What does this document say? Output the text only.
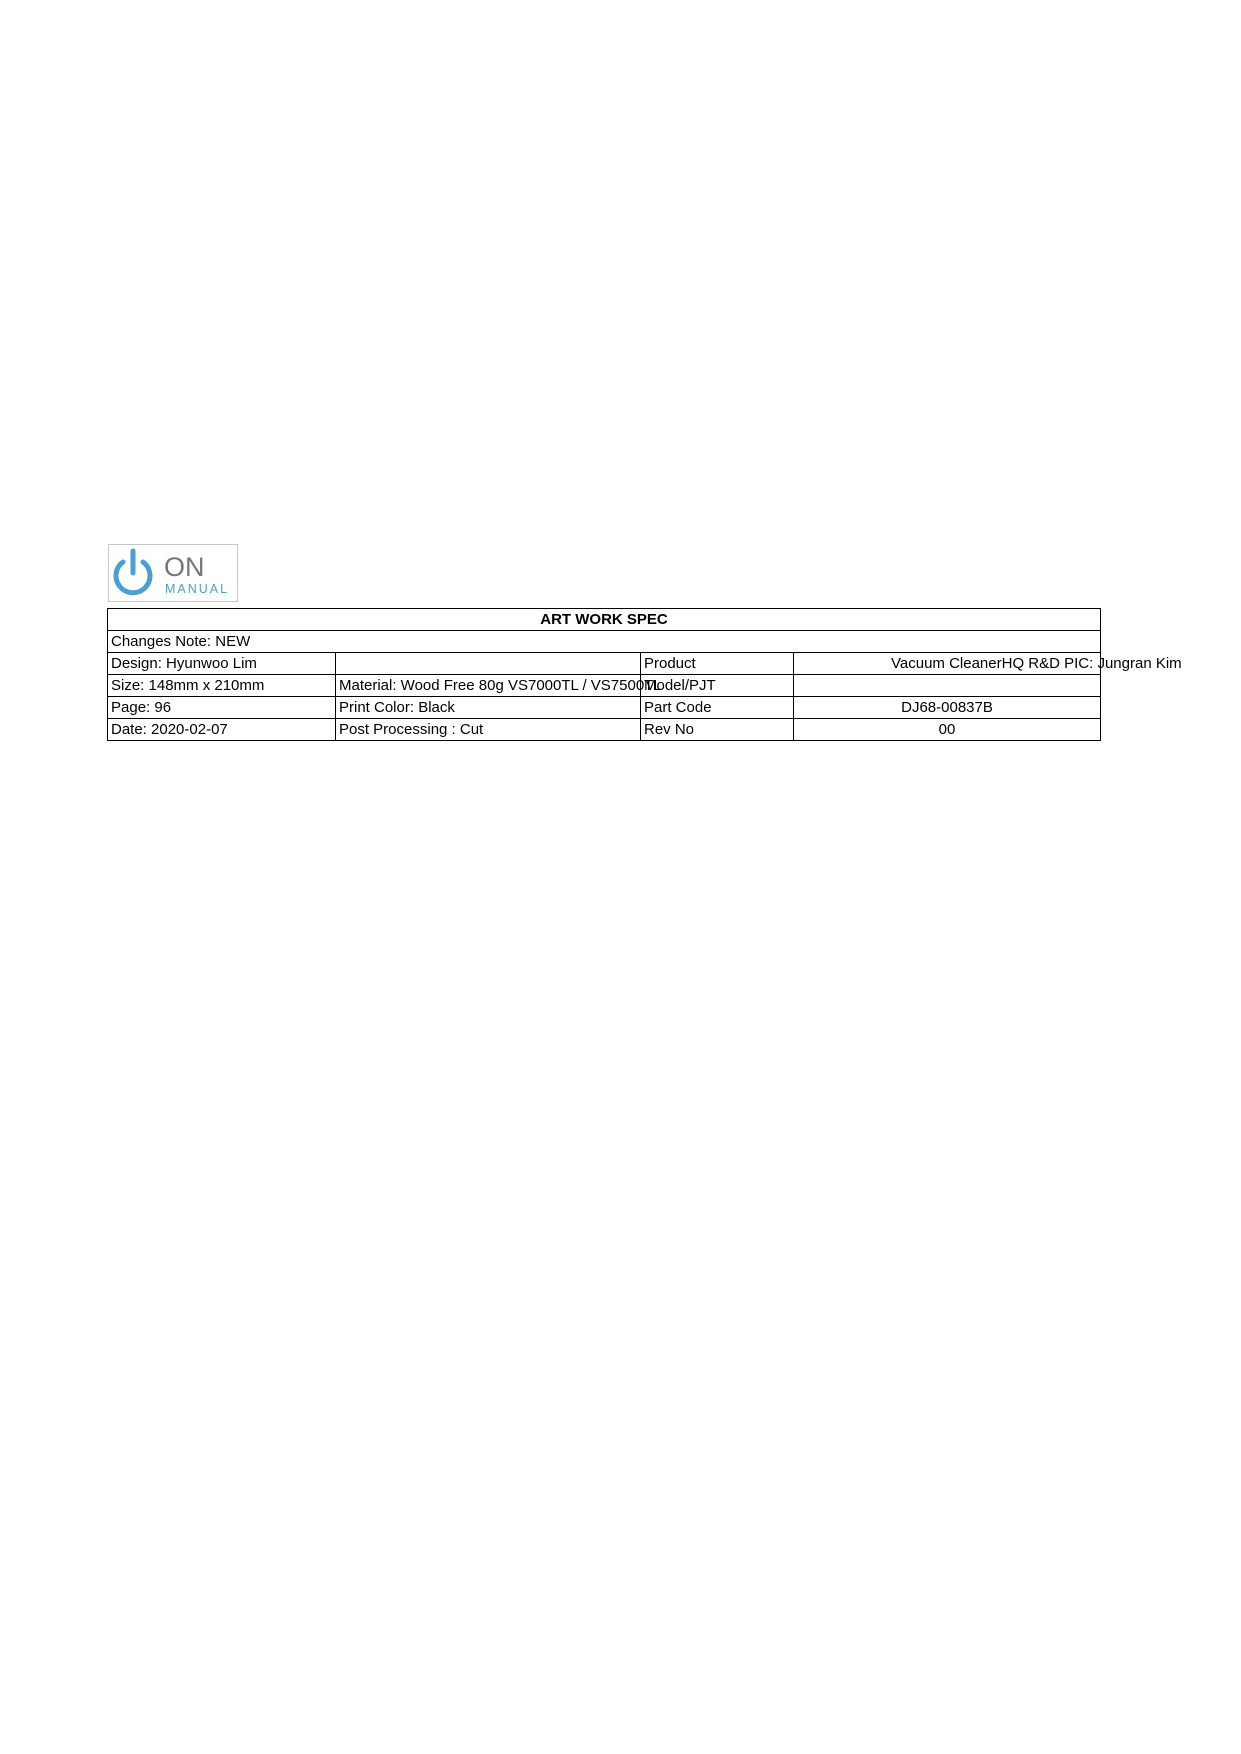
ON
MANUAL
ART WORK SPEC			
Changes Note: NEW			
Design: Hyunwoo Lim		Product	Vacuum CleanerHQ R&D PIC: Jungran Kim

Size: 148mm x 210mm	Material: Wood Free 80g VS7000TL / VS7500TL	Model/PJT	
Page: 96	Print Color: Black	Part Code	DJ68-00837B
Date: 2020-02-07	Post Processing : Cut	Rev No	00
